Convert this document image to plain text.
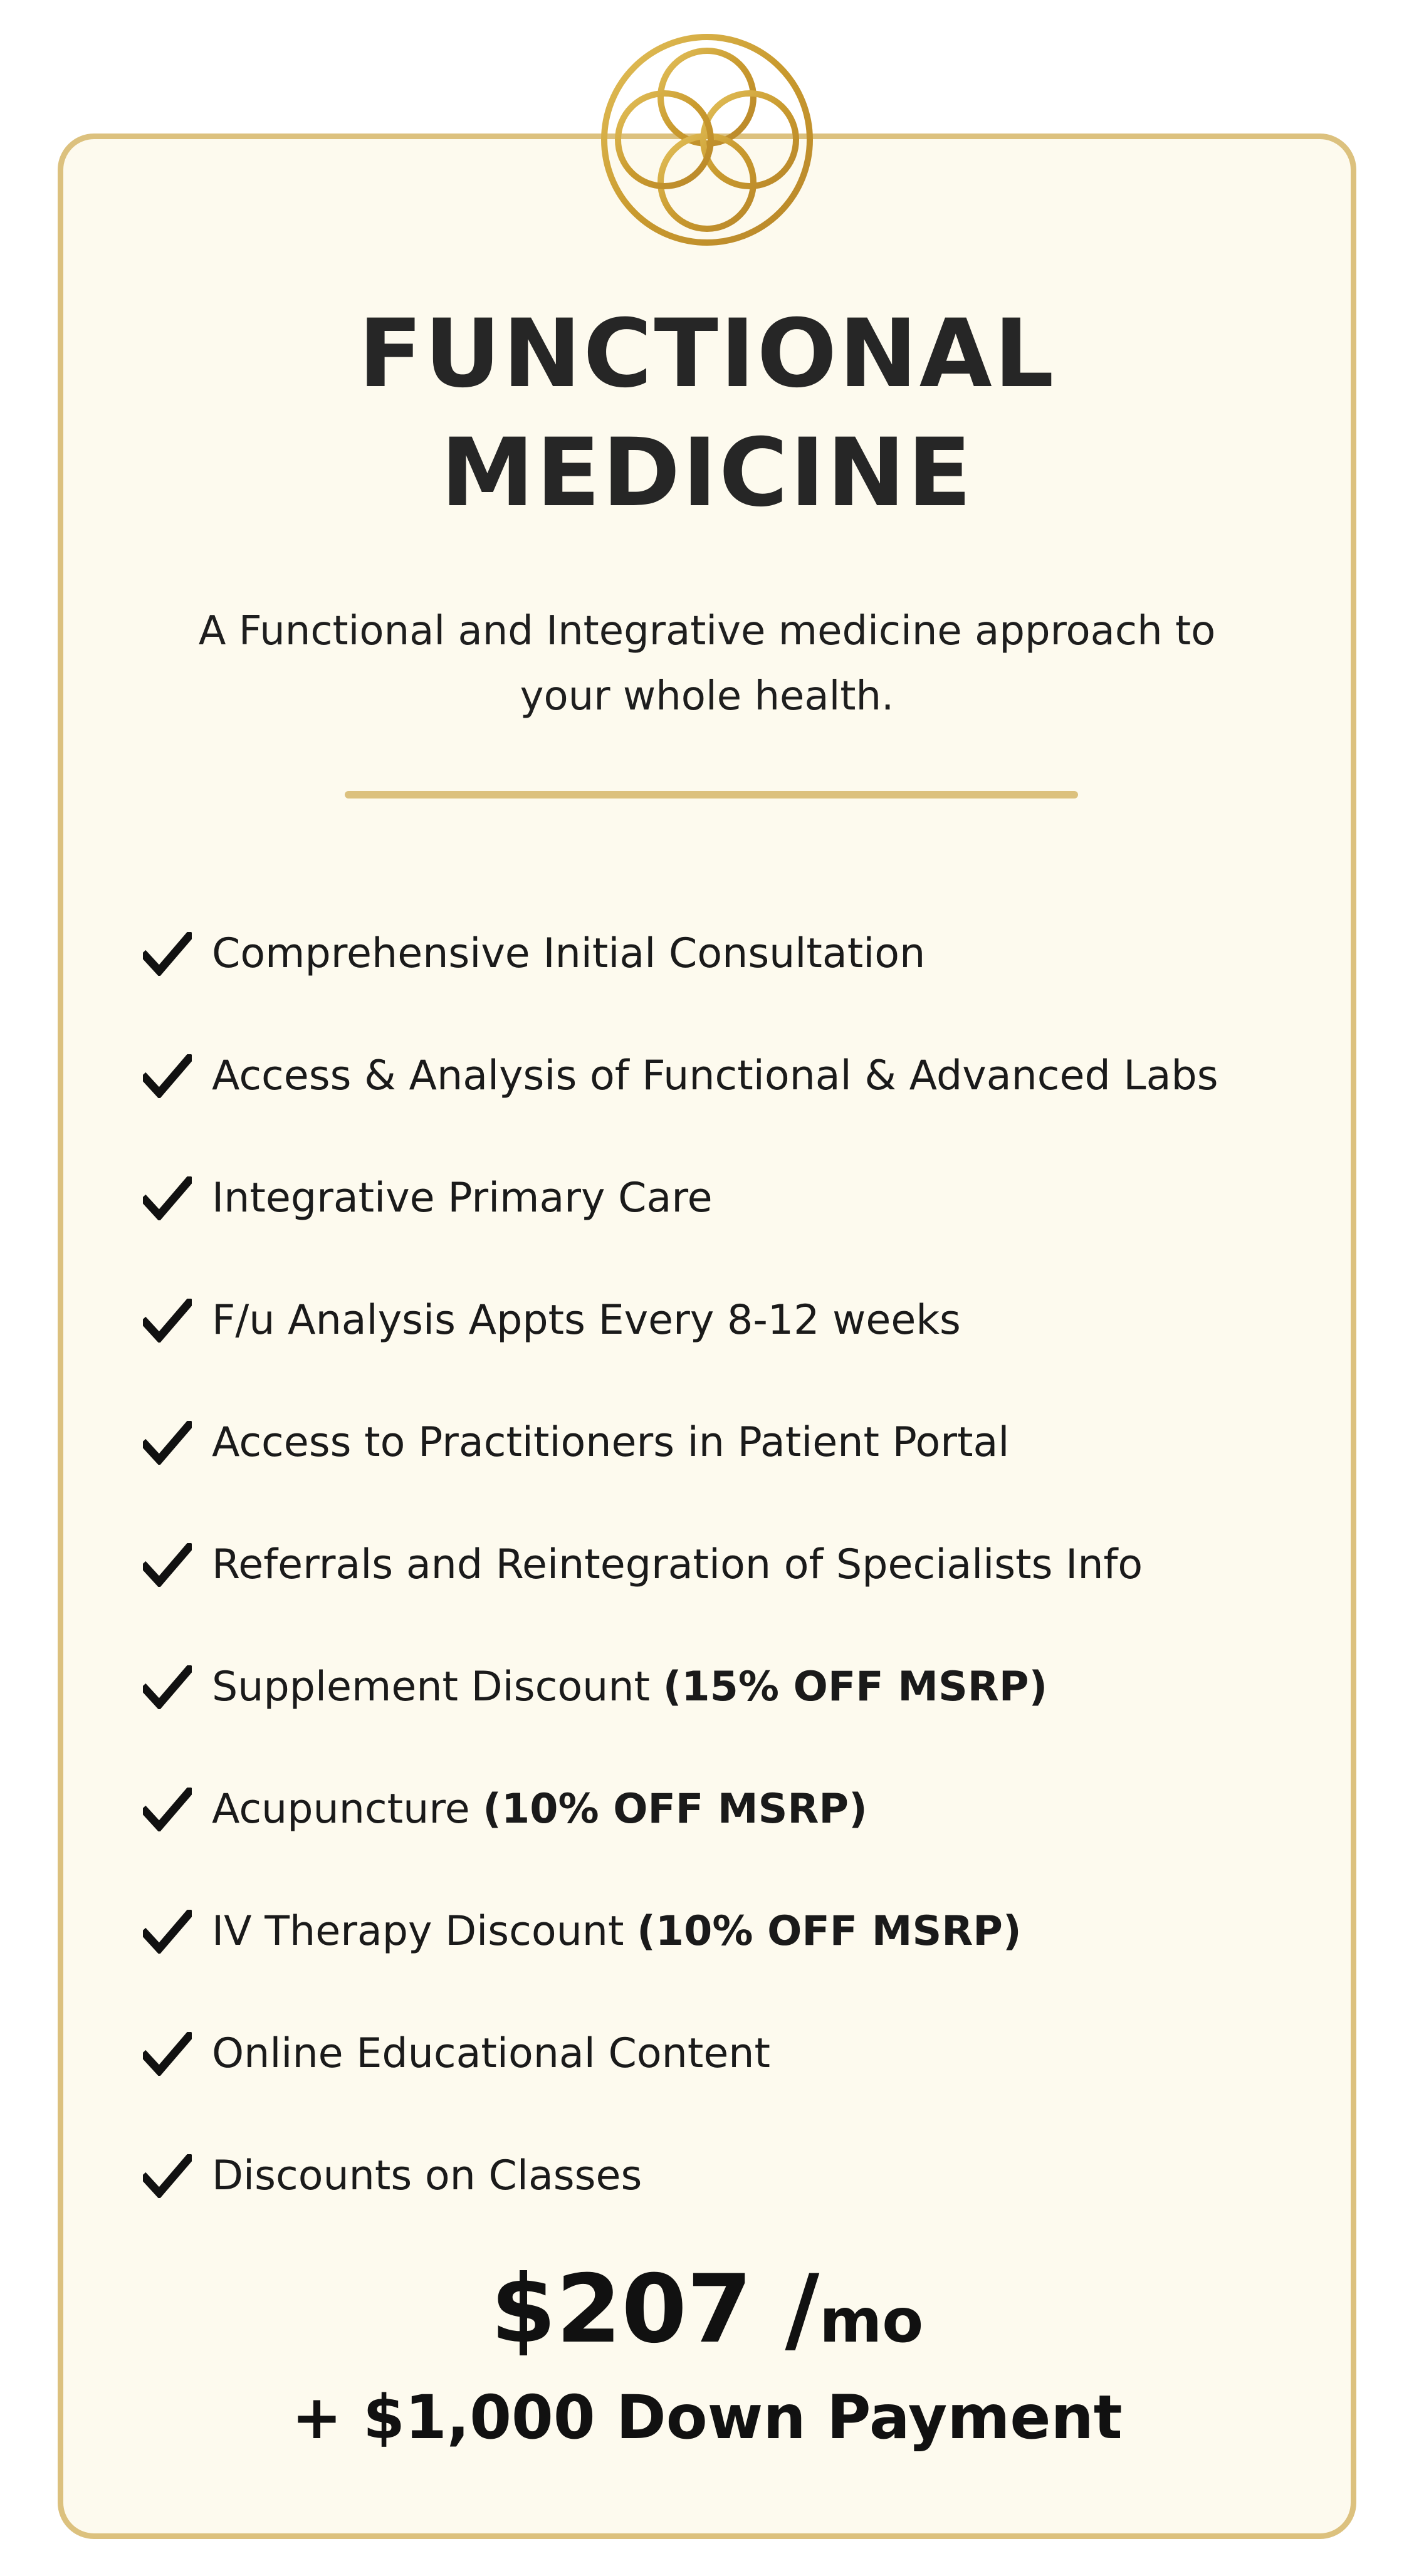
FUNCTIONAL
MEDICINE
A Functional and Integrative medicine approach to
your whole health.
Comprehensive Initial Consultation
Access & Analysis of Functional & Advanced Labs
Integrative Primary Care
F/u Analysis Appts Every 8-12 weeks
Access to Practitioners in Patient Portal
Referrals and Reintegration of Specialists Info
Supplement Discount (15% OFF MSRP)
Acupuncture (10% OFF MSRP)
IV Therapy Discount (10% OFF MSRP)
Online Educational Content
Discounts on Classes
$207 /mo
+ $1,000 Down Payment
